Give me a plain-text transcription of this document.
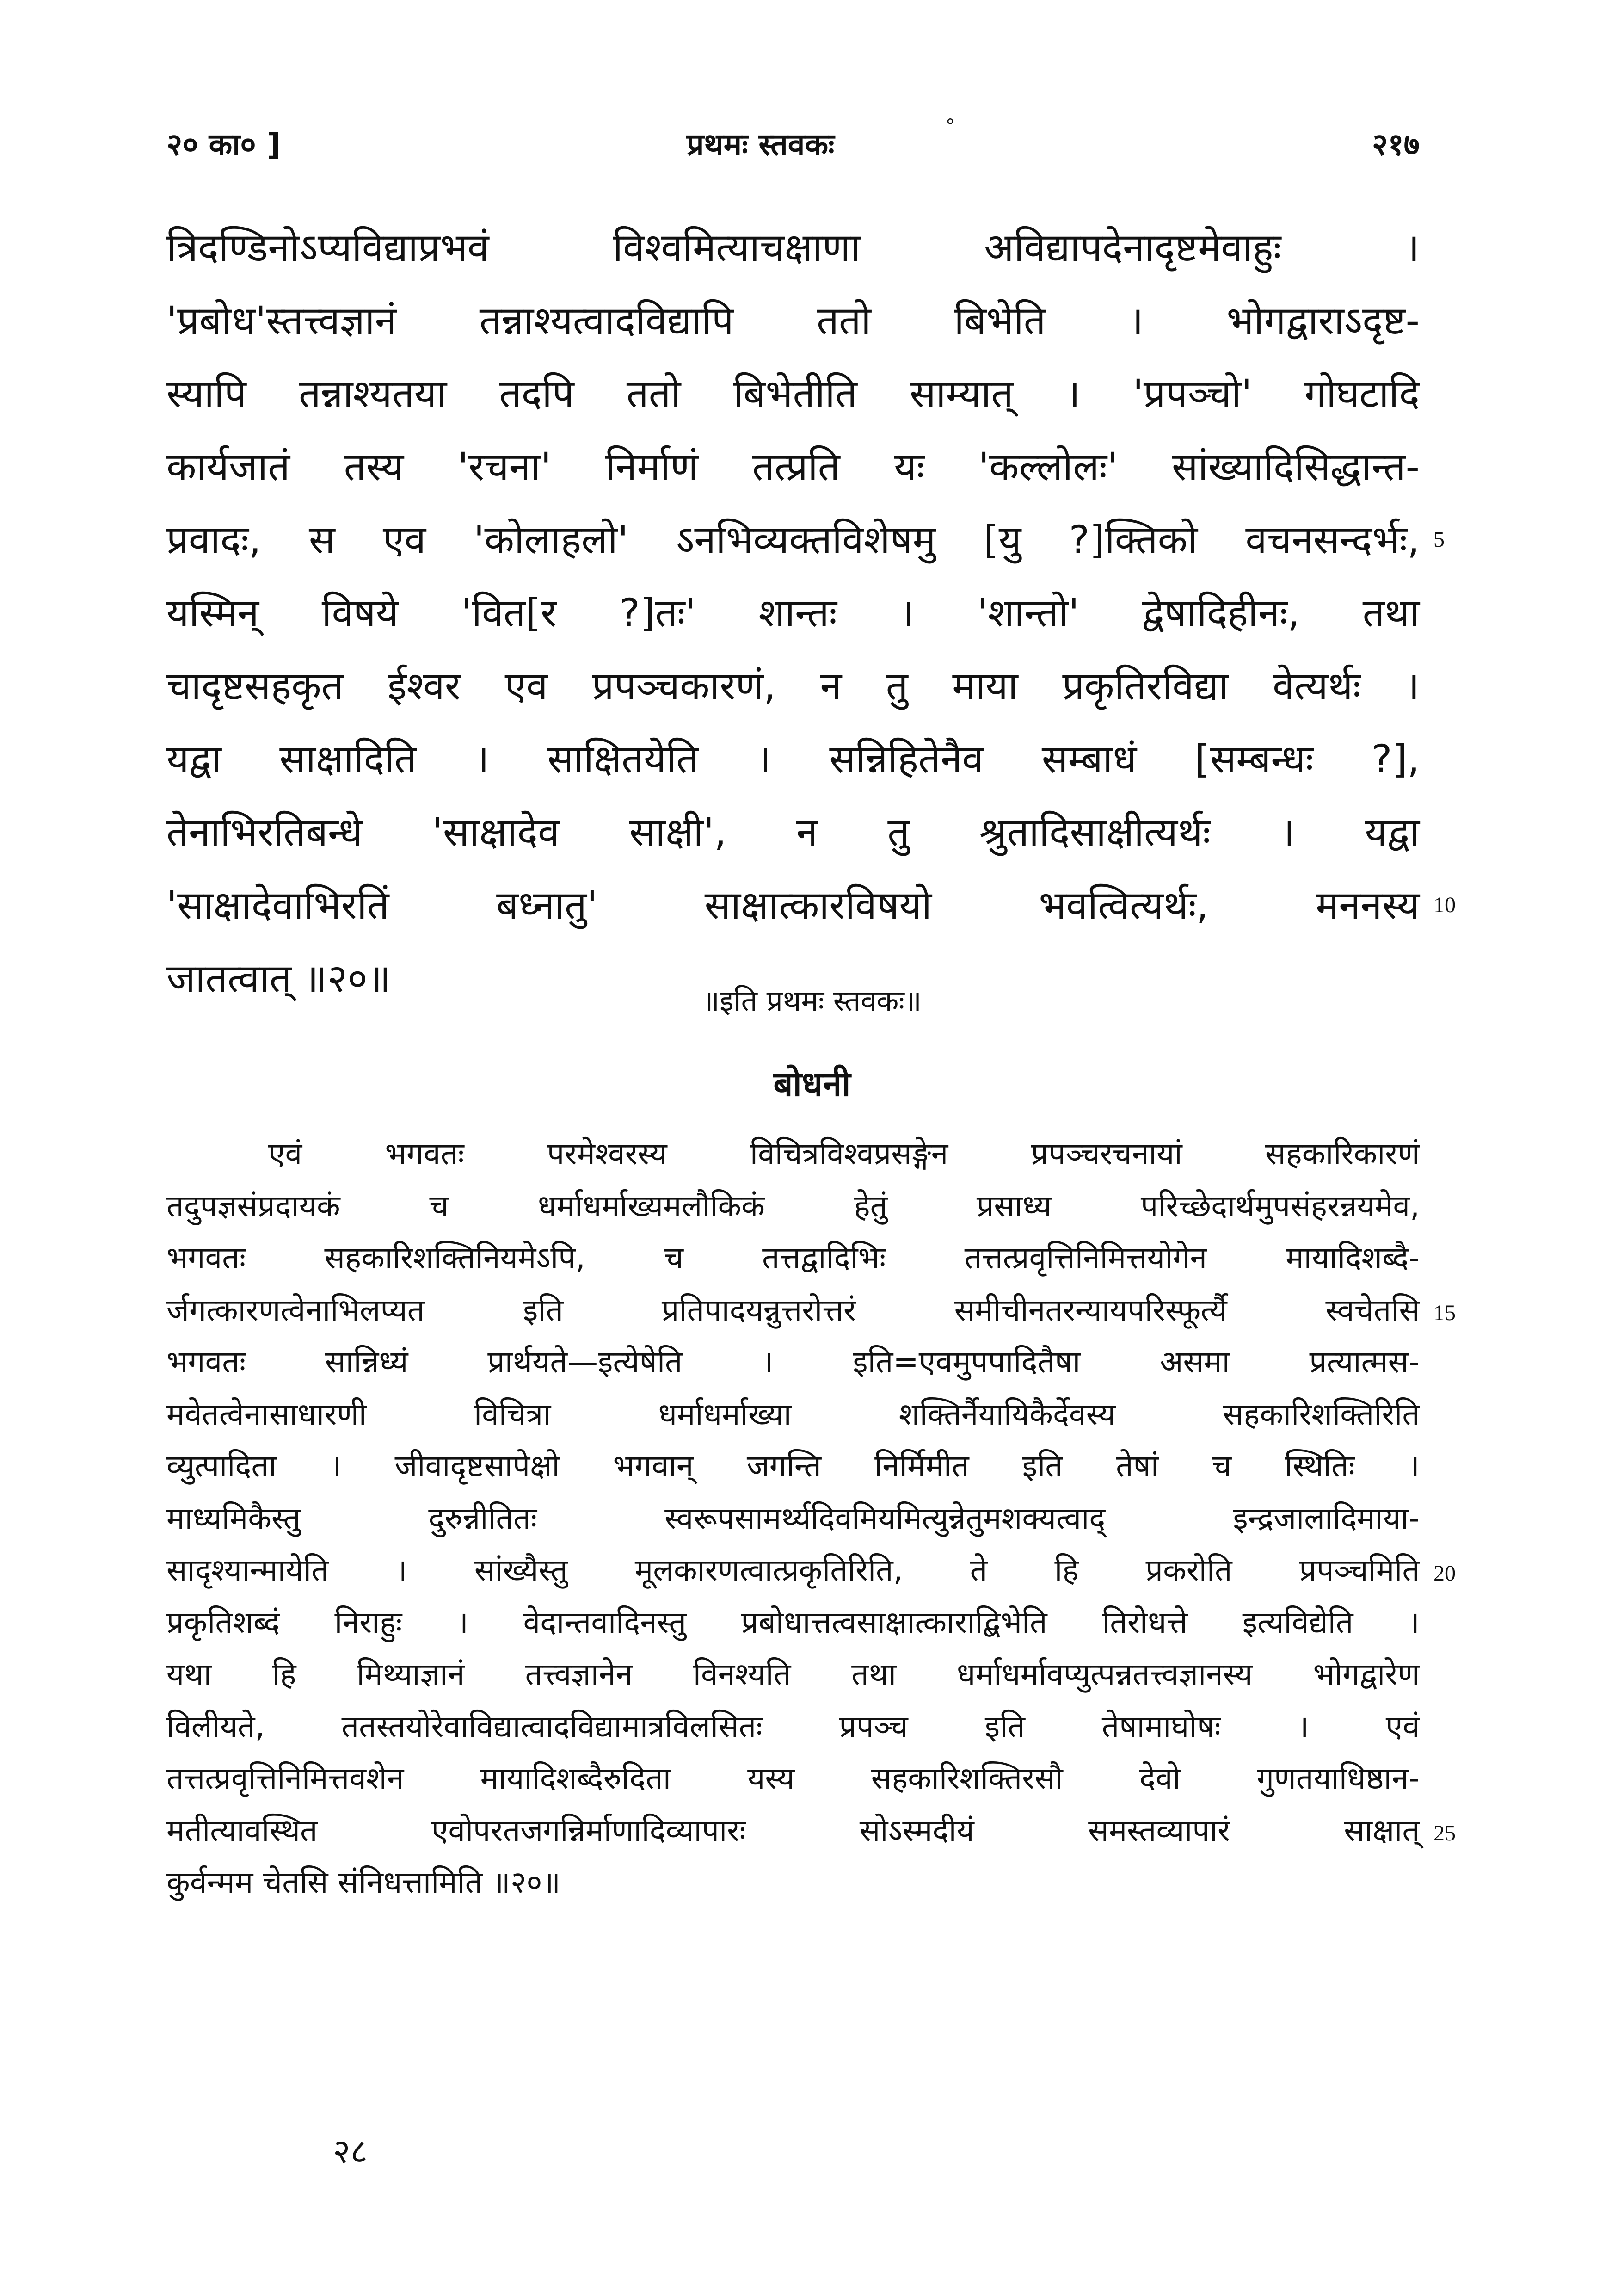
२० का० ]	प्रथमः स्तवकः	२१७
°
त्रिदण्डिनोऽप्यविद्याप्रभवं विश्वमित्याचक्षाणा अविद्यापदेनादृष्टमेवाहुः ।
'प्रबोध'स्तत्त्वज्ञानं तन्नाश्यत्वादविद्यापि ततो बिभेति । भोगद्वाराऽदृष्ट-
स्यापि तन्नाश्यतया तदपि ततो बिभेतीति साम्यात् । 'प्रपञ्चो' गोघटादि
कार्यजातं तस्य 'रचना' निर्माणं तत्प्रति यः 'कल्लोलः' सांख्यादिसिद्धान्त-
प्रवादः, स एव 'कोलाहलो' ऽनभिव्यक्तविशेषमु [यु ?]क्तिको वचनसन्दर्भः,
यस्मिन् विषये 'वित[र ?]तः' शान्तः । 'शान्तो' द्वेषादिहीनः, तथा
चादृष्टसहकृत ईश्वर एव प्रपञ्चकारणं, न तु माया प्रकृतिरविद्या वेत्यर्थः ।
यद्वा साक्षादिति । साक्षितयेति । सन्निहितेनैव सम्बाधं [सम्बन्धः ?],
तेनाभिरतिबन्धे 'साक्षादेव साक्षी', न तु श्रुतादिसाक्षीत्यर्थः । यद्वा
'साक्षादेवाभिरतिं बध्नातु' साक्षात्कारविषयो भवत्वित्यर्थः, मननस्य
जातत्वात् ॥२०॥	॥इति प्रथमः स्तवकः॥
बोधनी
एवं भगवतः परमेश्वरस्य विचित्रविश्वप्रसङ्गेन प्रपञ्चरचनायां सहकारिकारणं
तदुपज्ञसंप्रदायकं च धर्माधर्माख्यमलौकिकं हेतुं प्रसाध्य परिच्छेदार्थमुपसंहरन्नयमेव,
भगवतः सहकारिशक्तिनियमेऽपि, च तत्तद्वादिभिः तत्तत्प्रवृत्तिनिमित्तयोगेन मायादिशब्दै-
र्जगत्कारणत्वेनाभिलप्यत इति प्रतिपादयन्नुत्तरोत्तरं समीचीनतरन्यायपरिस्फूर्त्यै स्वचेतसि
भगवतः सान्निध्यं प्रार्थयते—इत्येषेति । इति=एवमुपपादितैषा असमा प्रत्यात्मस-
मवेतत्वेनासाधारणी विचित्रा धर्माधर्माख्या शक्तिर्नैयायिकैर्देवस्य सहकारिशक्तिरिति
व्युत्पादिता । जीवादृष्टसापेक्षो भगवान् जगन्ति निर्मिमीत इति तेषां च स्थितिः ।
माध्यमिकैस्तु दुरुन्नीतितः स्वरूपसामर्थ्यदिवमियमित्युन्नेतुमशक्यत्वाद् इन्द्रजालादिमाया-
सादृश्यान्मायेति । सांख्यैस्तु मूलकारणत्वात्प्रकृतिरिति, ते हि प्रकरोति प्रपञ्चमिति
प्रकृतिशब्दं निराहुः । वेदान्तवादिनस्तु प्रबोधात्तत्वसाक्षात्काराद्बिभेति तिरोधत्ते इत्यविद्येति ।
यथा हि मिथ्याज्ञानं तत्त्वज्ञानेन विनश्यति तथा धर्माधर्मावप्युत्पन्नतत्त्वज्ञानस्य भोगद्वारेण
विलीयते, ततस्तयोरेवाविद्यात्वादविद्यामात्रविलसितः प्रपञ्च इति तेषामाघोषः । एवं
तत्तत्प्रवृत्तिनिमित्तवशेन मायादिशब्दैरुदिता यस्य सहकारिशक्तिरसौ देवो गुणतयाधिष्ठान-
मतीत्यावस्थित एवोपरतजगन्निर्माणादिव्यापारः सोऽस्मदीयं समस्तव्यापारं साक्षात्
कुर्वन्मम चेतसि संनिधत्तामिति ॥२०॥
२८
5
10
15
20
25
